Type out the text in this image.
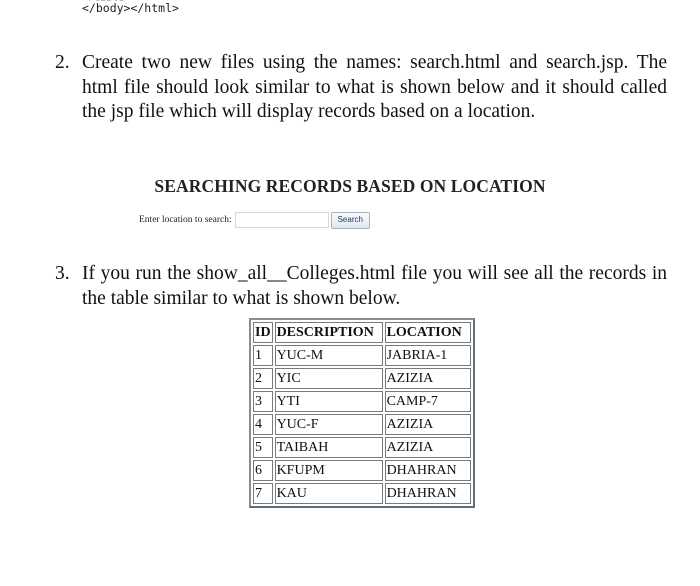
</body></html>
2. Create two new files using the names: search.html and search.jsp. The html file should look similar to what is shown below and it should called the jsp file which will display records based on a location.
SEARCHING RECORDS BASED ON LOCATION
Enter location to search:	Search
3. If you run the show_all__Colleges.html file you will see all the records in the table similar to what is shown below.
ID	DESCRIPTION	LOCATION
1	YUC-M	JABRIA-1
2	YIC	AZIZIA
3	YTI	CAMP-7
4	YUC-F	AZIZIA
5	TAIBAH	AZIZIA
6	KFUPM	DHAHRAN
7	KAU	DHAHRAN
